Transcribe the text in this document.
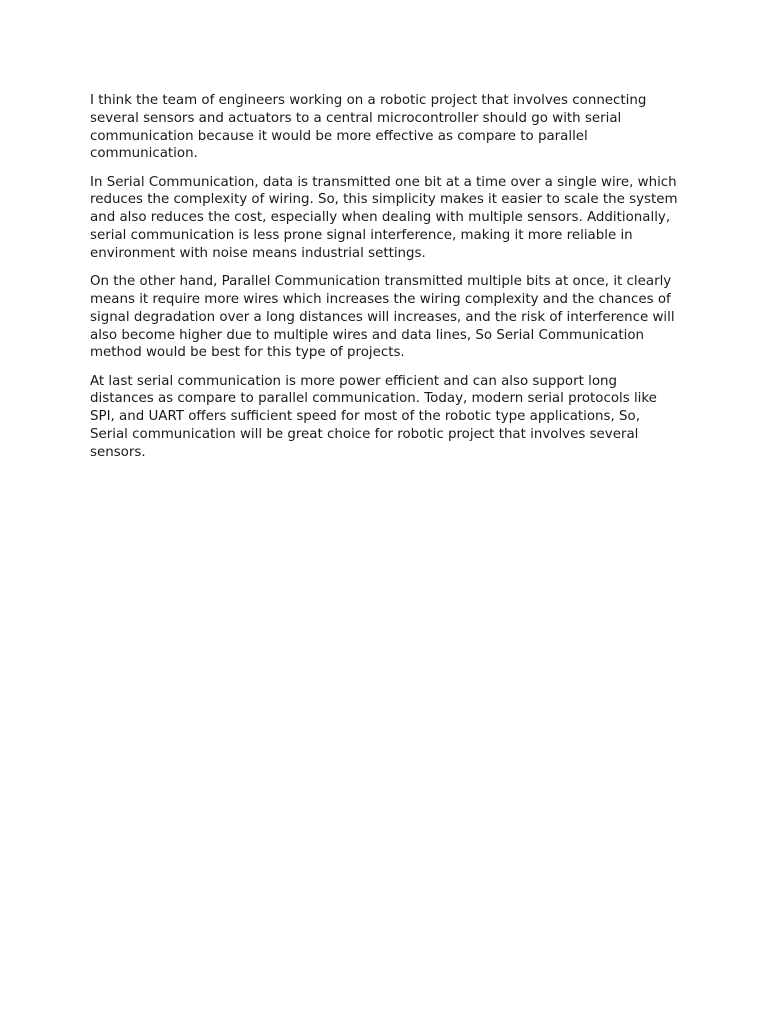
I think the team of engineers working on a robotic project that involves connecting several sensors and actuators to a central microcontroller should go with serial communication because it would be more effective as compare to parallel communication.

In Serial Communication, data is transmitted one bit at a time over a single wire, which reduces the complexity of wiring. So, this simplicity makes it easier to scale the system and also reduces the cost, especially when dealing with multiple sensors. Additionally, serial communication is less prone signal interference, making it more reliable in environment with noise means industrial settings.

On the other hand, Parallel Communication transmitted multiple bits at once, it clearly means it require more wires which increases the wiring complexity and the chances of signal degradation over a long distances will increases, and the risk of interference will also become higher due to multiple wires and data lines, So Serial Communication method would be best for this type of projects.

At last serial communication is more power efficient and can also support long distances as compare to parallel communication. Today, modern serial protocols like SPI, and UART offers sufficient speed for most of the robotic type applications, So, Serial communication will be great choice for robotic project that involves several sensors.
